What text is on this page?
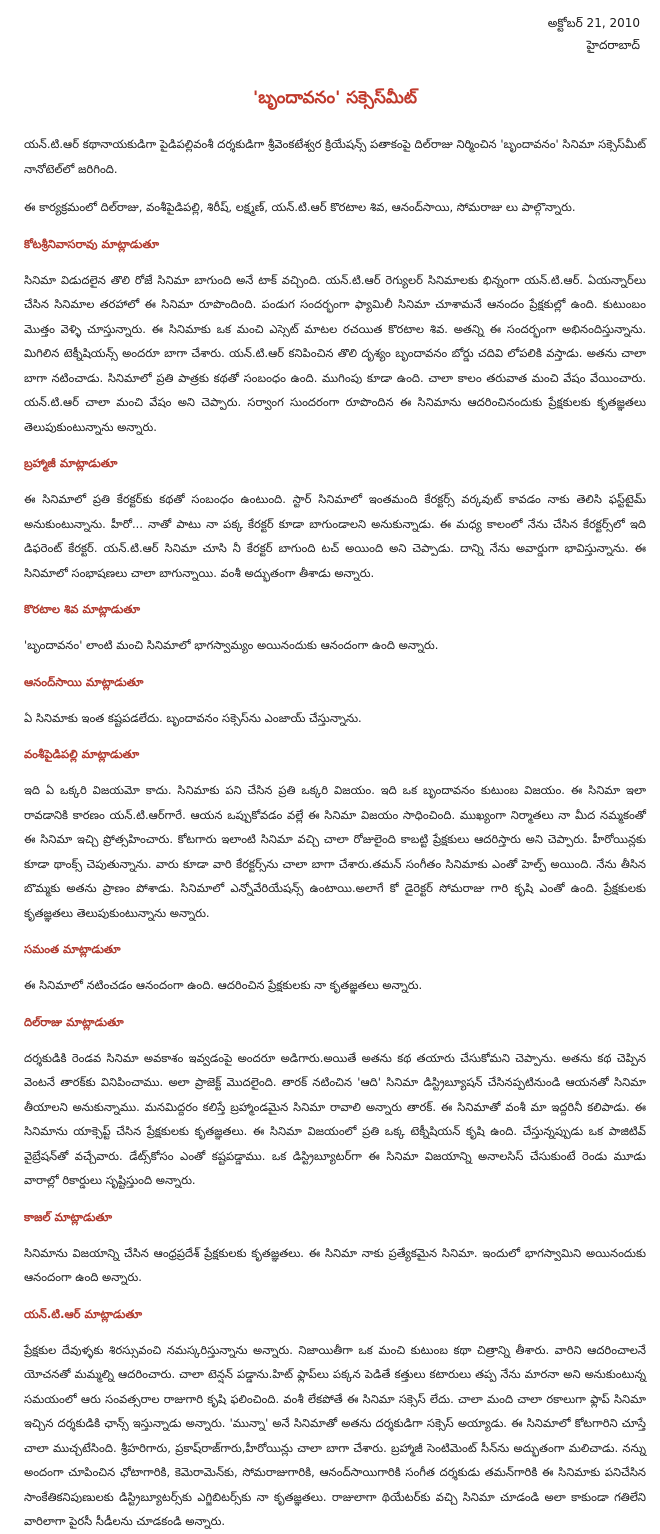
అక్టోబర్ 21, 2010
హైదరాబాద్
'బృందావనం' సక్సెస్‌మీట్

యన్.టి.ఆర్ కథానాయకుడిగా పైడిపల్లివంశీ దర్శకుడిగా శ్రీవెంకటేశ్వర క్రియేషన్స్ పతాకంపై దిల్‌రాజు నిర్మించిన 'బృందావనం' సినిమా సక్సెస్‌మీట్ నానోటెల్‌లో జరిగింది.

ఈ కార్యక్రమంలో దిల్‌రాజు, వంశీపైడిపల్లి, శిరీష్, లక్ష్మణ్, యన్.టి.ఆర్ కొరటాల శివ, ఆనంద్‌సాయి, సోమరాజు లు పాల్గొన్నారు.

కోటశ్రీనివాసరావు మాట్లాడుతూ

సినిమా విడుదలైన తొలి రోజే సినిమా బాగుంది అనే టాక్ వచ్చింది. యన్.టి.ఆర్ రెగ్యులర్ సినిమాలకు భిన్నంగా యన్.టి.ఆర్. ఏయన్నార్‌లు చేసిన సినిమాల తరహాలో ఈ సినిమా రూపొందింది. పండుగ సందర్భంగా ఫ్యామిలీ సినిమా చూశామనే ఆనందం ప్రేక్షకుల్లో ఉంది. కుటుంబం మొత్తం వెళ్ళి చూస్తున్నారు. ఈ సినిమాకు ఒక మంచి ఎస్సెట్ మాటల రచయిత కొరటాల శివ. అతన్ని ఈ సందర్భంగా అభినందిస్తున్నాను. మిగిలిన టెక్నీషియన్స్ అందరూ బాగా చేశారు. యన్.టి.ఆర్ కనిపించిన తొలి దృశ్యం బృందావనం బోర్డు చదివి లోపలికి వస్తాడు. అతను చాలా బాగా నటించాడు. సినిమాలో ప్రతి పాత్రకు కథతో సంబంధం ఉంది. ముగింపు కూడా ఉంది. చాలా కాలం తరువాత మంచి వేషం వేయించారు. యన్.టి.ఆర్ చాలా మంచి వేషం అని చెప్పారు. సర్వాంగ సుందరంగా రూపొందిన ఈ సినిమాను ఆదరించినందుకు ప్రేక్షకులకు కృతజ్ఞతలు తెలుపుకుంటున్నాను అన్నారు.

బ్రహ్మాజీ మాట్లాడుతూ

ఈ సినిమాలో ప్రతి కేరక్టర్‌కు కథతో సంబంధం ఉంటుంది. స్టార్ సినిమాలో ఇంతమంది కేరక్టర్స్ వర్కవుట్ కావడం నాకు తెలిసి ఫస్ట్‌టైమ్ అనుకుంటున్నాను. హీరో... నాతో పాటు నా పక్క కేరక్టర్ కూడా బాగుండాలని అనుకున్నాడు. ఈ మధ్య కాలంలో నేను చేసిన కేరక్టర్స్‌లో ఇది డిఫరెంట్ కేరక్టర్. యన్.టి.ఆర్ సినిమా చూసి నీ కేరక్టర్ బాగుంది టచ్ అయింది అని చెప్పాడు. దాన్ని నేను అవార్డుగా భావిస్తున్నాను. ఈ సినిమాలో సంభాషణలు చాలా బాగున్నాయి. వంశీ అద్భుతంగా తీశాడు అన్నారు.

కొరటాల శివ మాట్లాడుతూ

'బృందావనం' లాంటి మంచి సినిమాలో భాగస్వామ్యం అయినందుకు ఆనందంగా ఉంది అన్నారు.

ఆనంద్‌సాయి మాట్లాడుతూ

ఏ సినిమాకు ఇంత కష్టపడలేదు. బృందావనం సక్సెస్‌ను ఎంజాయ్ చేస్తున్నాను.

వంశీపైడిపల్లి మాట్లాడుతూ

ఇది ఏ ఒక్కరి విజయమో కాదు. సినిమాకు పని చేసిన ప్రతి ఒక్కరి విజయం. ఇది ఒక బృందావనం కుటుంబ విజయం. ఈ సినిమా ఇలా రావడానికి కారణం యన్.టి.ఆర్‌గారే. ఆయన ఒప్పుకోవడం వల్లే ఈ సినిమా విజయం సాధించింది. ముఖ్యంగా నిర్మాతలు నా మీద నమ్మకంతో ఈ సినిమా ఇచ్చి ప్రోత్సహించారు. కోటగారు ఇలాంటి సినిమా వచ్చి చాలా రోజులైంది కాబట్టి ప్రేక్షకులు ఆదరిస్తారు అని చెప్పారు. హీరోయిన్లకు కూడా థాంక్స్ చెపుతున్నాను. వారు కూడా వారి కేరక్టర్స్‌ను చాలా బాగా చేశారు.తమన్ సంగీతం సినిమాకు ఎంతో హెల్ప్ అయింది. నేను తీసిన బొమ్మకు అతను ప్రాణం పోశాడు. సినిమాలో ఎన్నోవేరియేషన్స్ ఉంటాయి.అలాగే కో డైరెక్టర్ సోమరాజు గారి కృషి ఎంతో ఉంది. ప్రేక్షకులకు కృతజ్ఞతలు తెలుపుకుంటున్నాను అన్నారు.

సమంత మాట్లాడుతూ

ఈ సినిమాలో నటించడం ఆనందంగా ఉంది. ఆదరించిన ప్రేక్షకులకు నా కృతజ్ఞతలు అన్నారు.

దిల్‌రాజు మాట్లాడుతూ

దర్శకుడికి రెండవ సినిమా అవకాశం ఇవ్వడంపై అందరూ అడిగారు.అయితే అతను కథ తయారు చేసుకోమని చెప్పాను. అతను కథ చెప్పిన వెంటనే తారక్‌కు వినిపించాము. అలా ప్రాజెక్ట్ మొదలైంది. తారక్ నటించిన 'ఆది' సినిమా డిస్ట్రిబ్యూషన్ చేసినప్పటినుండి ఆయనతో సినిమా తీయాలని అనుకున్నాము. మనమిద్దరం కలిస్తే బ్రహ్మాండమైన సినిమా రావాలి అన్నారు తారక్. ఈ సినిమాతో వంశీ మా ఇద్దరినీ కలిపాడు. ఈ సినిమాను యాక్సెప్ట్ చేసిన ప్రేక్షకులకు కృతజ్ఞతలు. ఈ సినిమా విజయంలో ప్రతి ఒక్క టెక్నీషియన్ కృషి ఉంది. చేస్తున్నప్పుడు ఒక పాజిటివ్ వైబ్రేషన్‌తో వచ్చేవారు. డేట్స్‌కోసం ఎంతో కష్టపడ్డాము. ఒక డిస్ట్రిబ్యూటర్‌గా ఈ సినిమా విజయాన్ని అనాలసిస్ చేసుకుంటే రెండు మూడు వారాల్లో రికార్డులు సృష్టిస్తుంది అన్నారు.

కాజల్ మాట్లాడుతూ

సినిమాను విజయాన్ని చేసిన ఆంధ్రప్రదేశ్ ప్రేక్షకులకు కృతజ్ఞతలు. ఈ సినిమా నాకు ప్రత్యేకమైన సినిమా. ఇందులో భాగస్వామిని అయినందుకు ఆనందంగా ఉంది అన్నారు.

యన్.టి.ఆర్ మాట్లాడుతూ

ప్రేక్షకుల దేవుళ్ళకు శిరస్సువంచి నమస్కరిస్తున్నాను అన్నారు. నిజాయితీగా ఒక మంచి కుటుంబ కథా చిత్రాన్ని తీశారు. వారిని ఆదరించాలనే యోచనతో మమ్మల్ని ఆదరించారు. చాలా టెన్షన్ పడ్డాను.హిట్ ఫ్లాప్‌లు పక్కన పెడితే కత్తులు కటారులు తప్ప నేను మారనా అని అనుకుంటున్న సమయంలో ఆరు సంవత్సరాల రాజుగారి కృషి ఫలించింది. వంశీ లేకపోతే ఈ సినిమా సక్సెస్ లేదు. చాలా మంది చాలా రకాలుగా ఫ్లాప్ సినిమా ఇచ్చిన దర్శకుడికి ఛాన్స్ ఇస్తున్నాడు అన్నారు. 'మున్నా' అనే సినిమాతో అతను దర్శకుడిగా సక్సెస్ అయ్యాడు. ఈ సినిమాలో కోటగారిని చూస్తే చాలా ముచ్చటేసింది. శ్రీహరిగారు, ప్రకాష్‌రాజ్‌గారు,హీరోయిన్లు చాలా బాగా చేశారు. బ్రహ్మాజీ సెంటిమెంట్ సీన్‌ను అద్భుతంగా మలిచాడు. నన్ను అందంగా చూపించిన ఛోటాగారికి, కెమెరామెన్‌కు, సోమరాజుగారికి, ఆనంద్‌సాయిగారికి సంగీత దర్శకుడు తమన్‌గారికి ఈ సినిమాకు పనిచేసిన సాంకేతికనిపుణులకు డిస్ట్రిబ్యూటర్స్‌కు ఎగ్జిబిటర్స్‌కు నా కృతజ్ఞతలు. రాజులాగా థియేటర్‌కు వచ్చి సినిమా చూడండి అలా కాకుండా గతిలేని వారిలాగా పైరసీ సీడీలను చూడకండి అన్నారు.
